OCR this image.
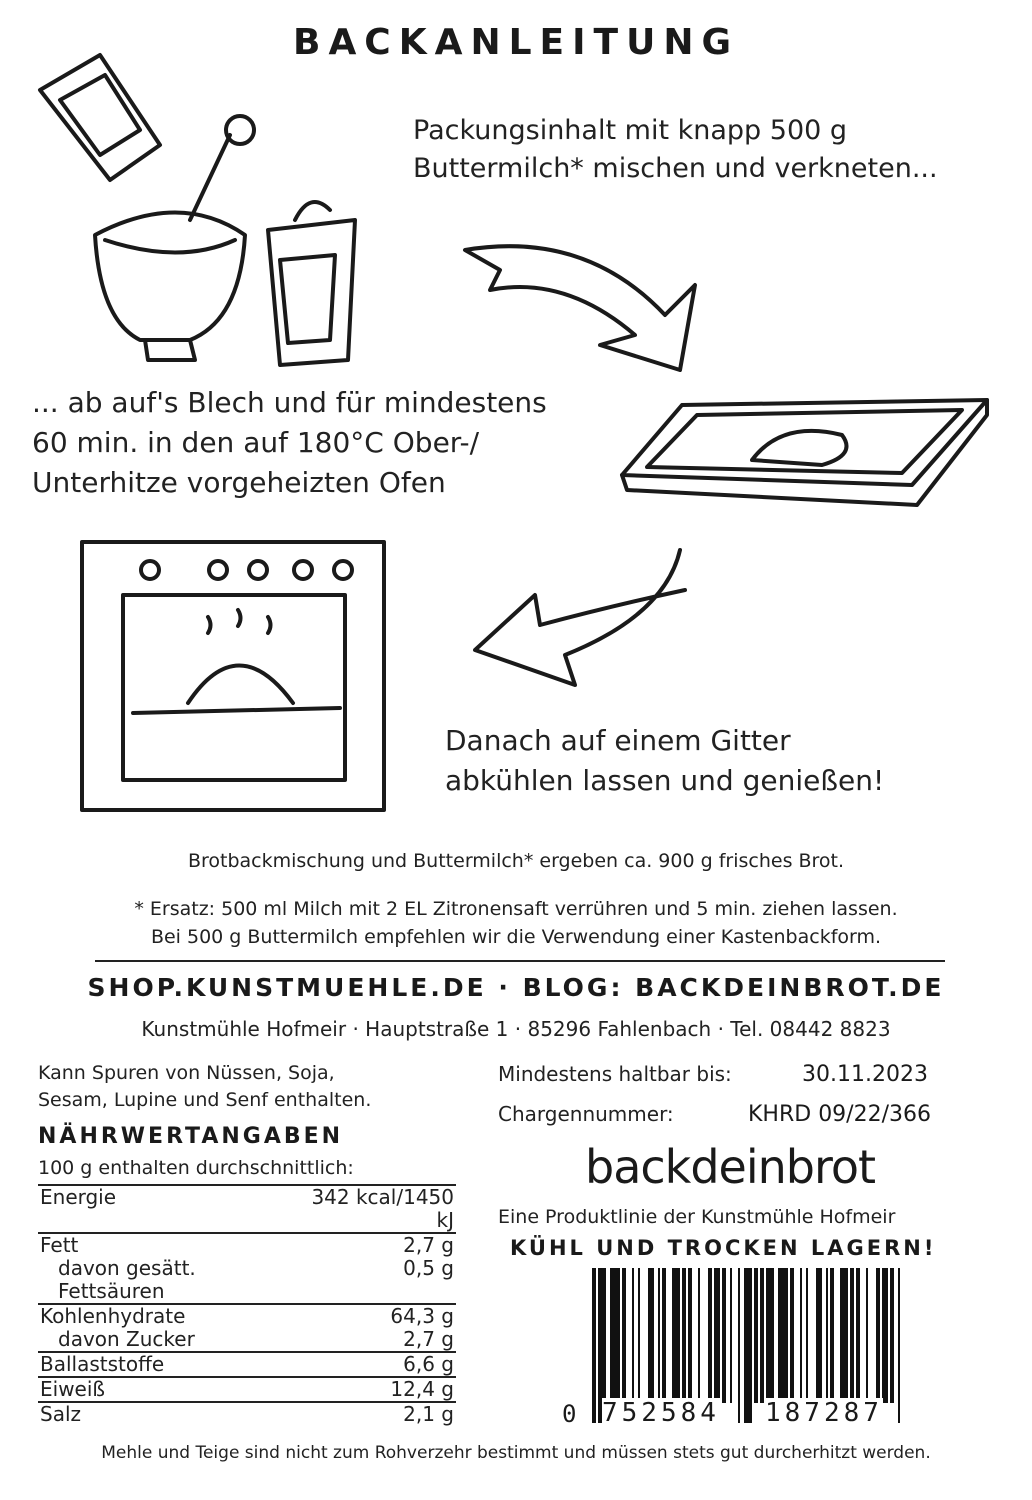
BACKANLEITUNG
Packungsinhalt mit knapp 500 g
Buttermilch* mischen und verkneten...
... ab auf's Blech und für mindestens
60 min. in den auf 180°C Ober-/
Unterhitze vorgeheizten Ofen
Danach auf einem Gitter
abkühlen lassen und genießen!
Brotbackmischung und Buttermilch* ergeben ca. 900 g frisches Brot.
* Ersatz: 500 ml Milch mit 2 EL Zitronensaft verrühren und 5 min. ziehen lassen.
Bei 500 g Buttermilch empfehlen wir die Verwendung einer Kastenbackform.
SHOP.KUNSTMUEHLE.DE · BLOG: BACKDEINBROT.DE
Kunstmühle Hofmeir · Hauptstraße 1 · 85296 Fahlenbach · Tel. 08442 8823
Kann Spuren von Nüssen, Soja,
Sesam, Lupine und Senf enthalten.
NÄHRWERTANGABEN
100 g enthalten durchschnittlich:
Energie	342 kcal/1450 kJ
Fett	2,7 g
davon gesätt. Fettsäuren	0,5 g
Kohlenhydrate	64,3 g
davon Zucker	2,7 g
Ballaststoffe	6,6 g
Eiweiß	12,4 g
Salz	2,1 g
Mindestens haltbar bis:	30.11.2023
Chargennummer:	KHRD 09/22/366
backdeinbrot
Eine Produktlinie der Kunstmühle Hofmeir
KÜHL UND TROCKEN LAGERN!
0 752584 187287
Mehle und Teige sind nicht zum Rohverzehr bestimmt und müssen stets gut durcherhitzt werden.
